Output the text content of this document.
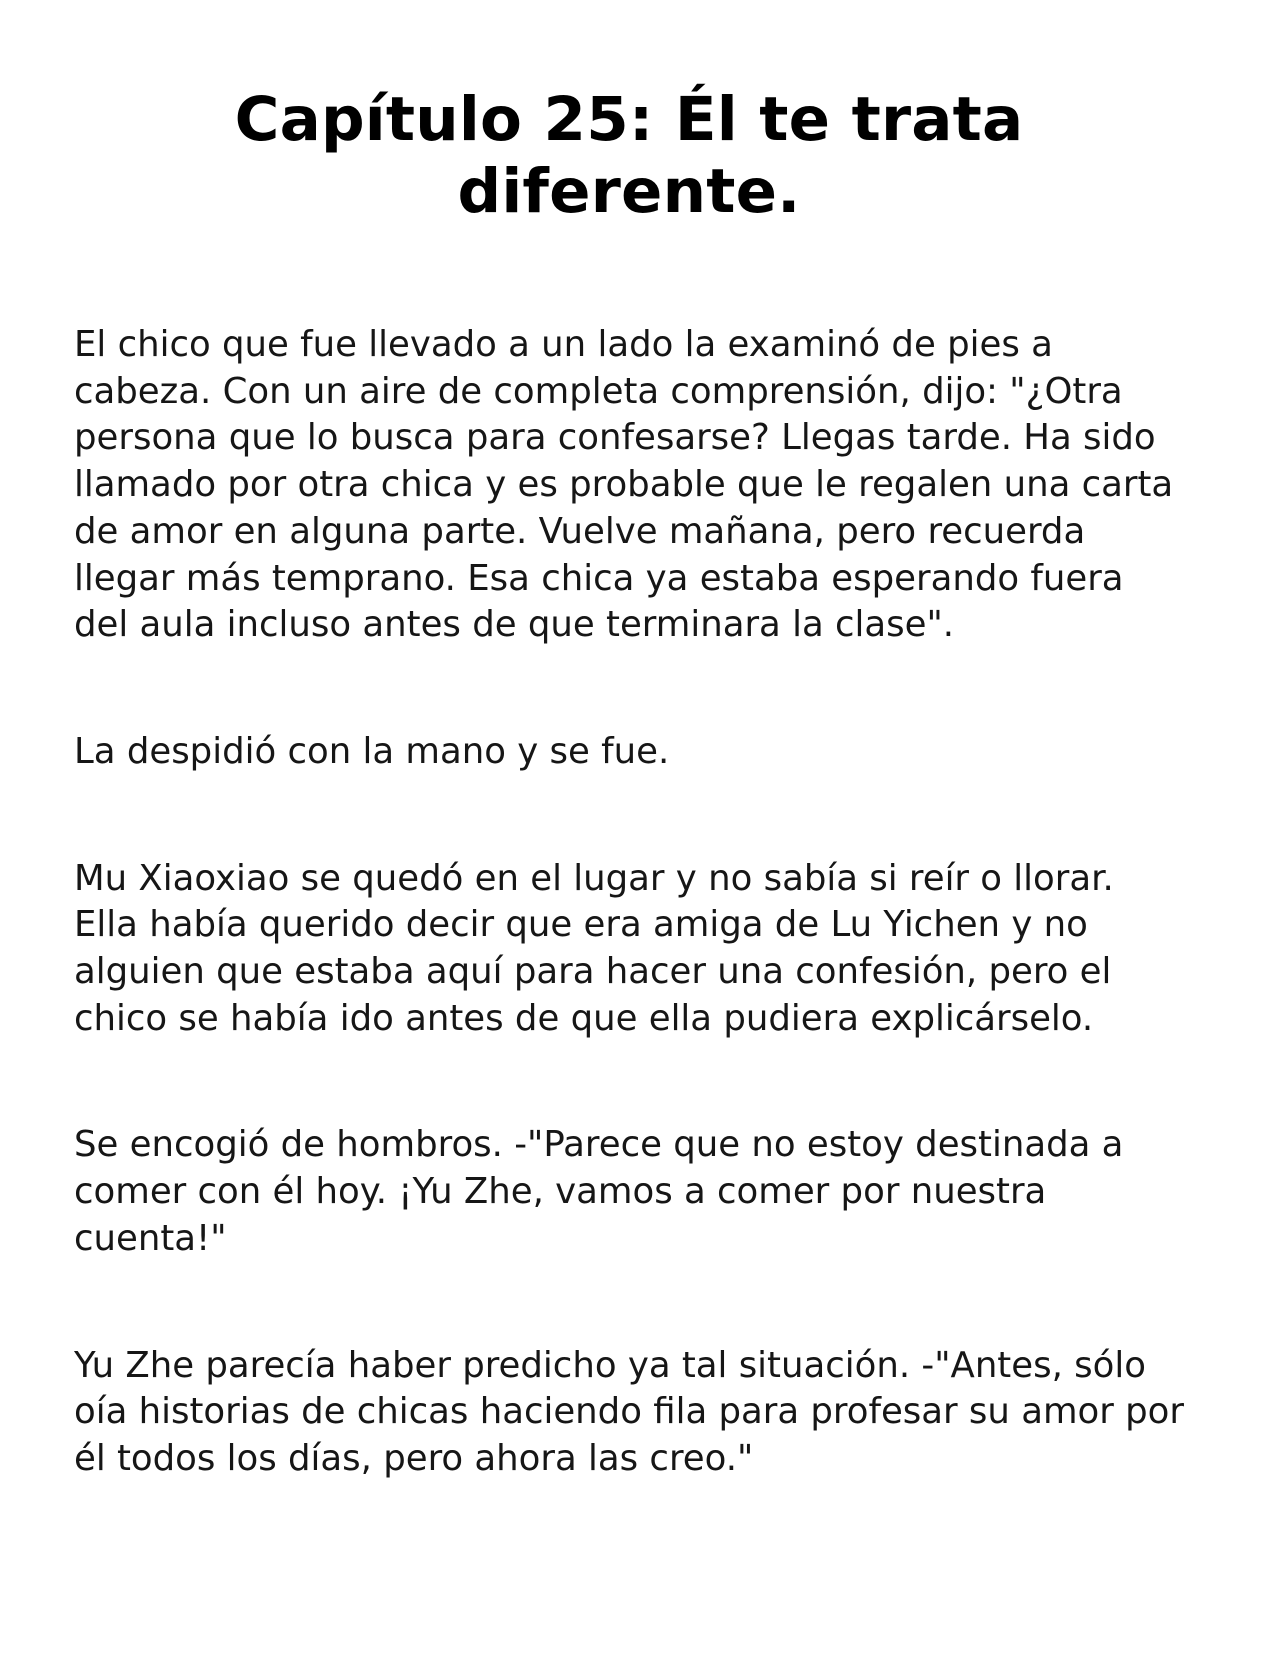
Capítulo 25: Él te trata diferente.

El chico que fue llevado a un lado la examinó de pies a cabeza. Con un aire de completa comprensión, dijo: "¿Otra persona que lo busca para confesarse? Llegas tarde. Ha sido llamado por otra chica y es probable que le regalen una carta de amor en alguna parte. Vuelve mañana, pero recuerda llegar más temprano. Esa chica ya estaba esperando fuera del aula incluso antes de que terminara la clase".

La despidió con la mano y se fue.

Mu Xiaoxiao se quedó en el lugar y no sabía si reír o llorar. Ella había querido decir que era amiga de Lu Yichen y no alguien que estaba aquí para hacer una confesión, pero el chico se había ido antes de que ella pudiera explicárselo.

Se encogió de hombros. -"Parece que no estoy destinada a comer con él hoy. ¡Yu Zhe, vamos a comer por nuestra cuenta!"

Yu Zhe parecía haber predicho ya tal situación. -"Antes, sólo oía historias de chicas haciendo fila para profesar su amor por él todos los días, pero ahora las creo."
